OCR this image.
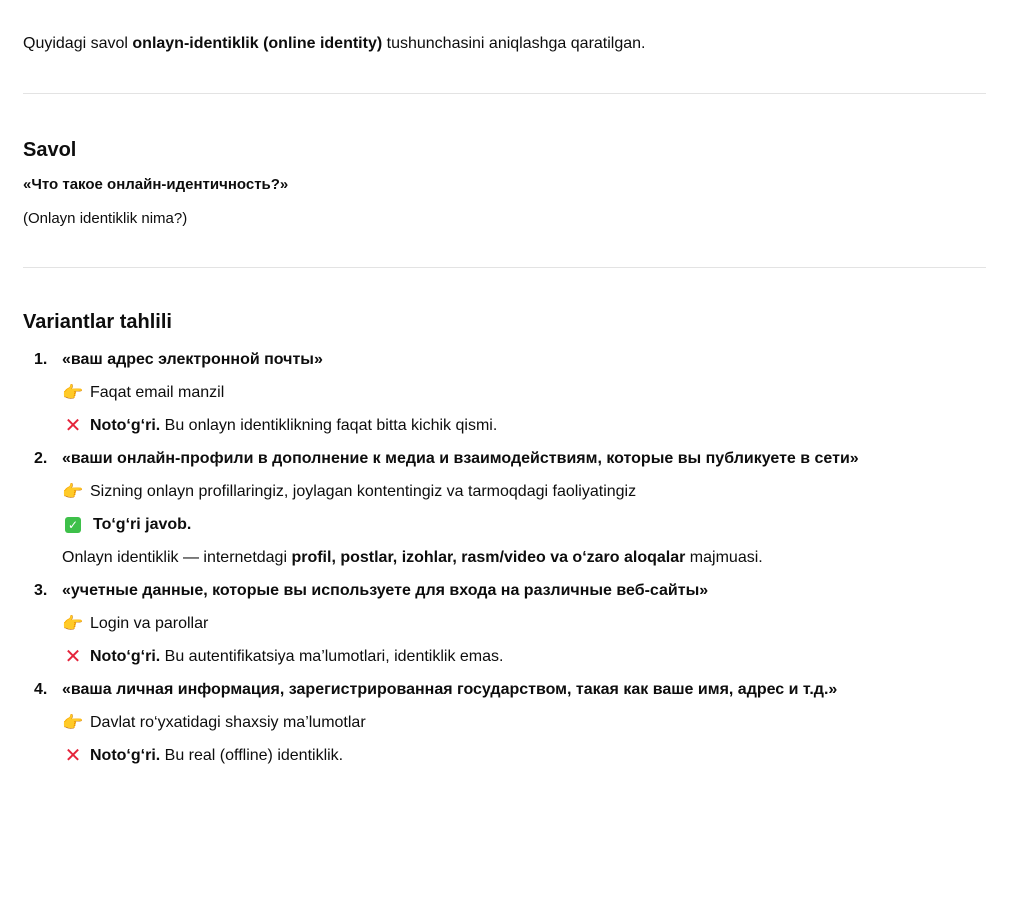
Quyidagi savol onlayn-identiklik (online identity) tushunchasini aniqlashga qaratilgan.

Savol

«Что такое онлайн-идентичность?»

(Onlayn identiklik nima?)

Variantlar tahlili
1. «ваш адрес электронной почты»
👉 Faqat email manzil
✕ Noto‘g‘ri. Bu onlayn identiklikning faqat bitta kichik qismi.
2. «ваши онлайн-профили в дополнение к медиа и взаимодействиям, которые вы публикуете в сети»
👉 Sizning onlayn profillaringiz, joylagan kontentingiz va tarmoqdagi faoliyatingiz
✓ To‘g‘ri javob.
Onlayn identiklik — internetdagi profil, postlar, izohlar, rasm/video va o‘zaro aloqalar majmuasi.
3. «учетные данные, которые вы используете для входа на различные веб-сайты»
👉 Login va parollar
✕ Noto‘g‘ri. Bu autentifikatsiya ma’lumotlari, identiklik emas.
4. «ваша личная информация, зарегистрированная государством, такая как ваше имя, адрес и т.д.»
👉 Davlat ro‘yxatidagi shaxsiy ma’lumotlar
✕ Noto‘g‘ri. Bu real (offline) identiklik.
